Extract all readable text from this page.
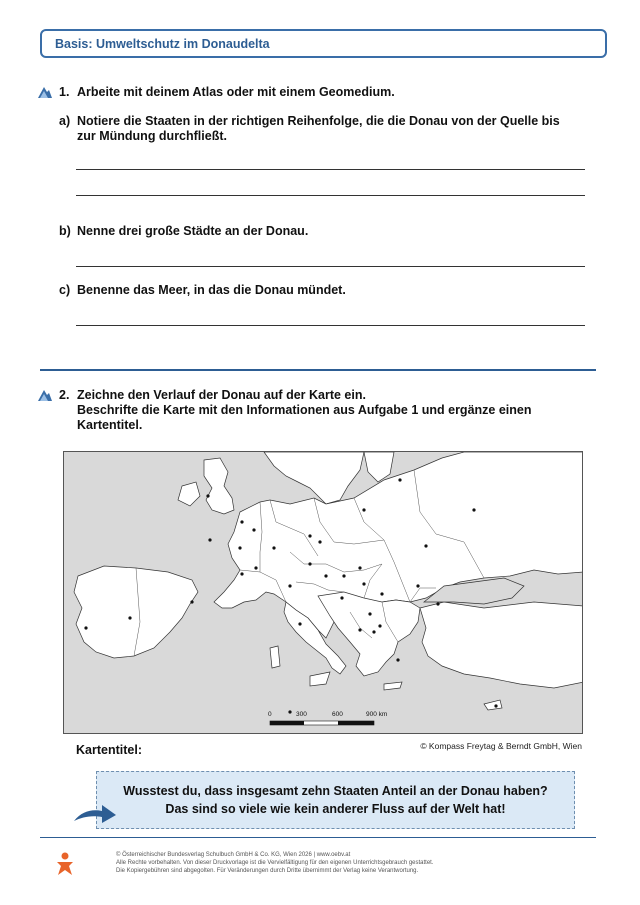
Basis: Umweltschutz im Donaudelta
1. Arbeite mit deinem Atlas oder mit einem Geomedium.
a) Notiere die Staaten in der richtigen Reihenfolge, die die Donau von der Quelle bis
zur Mündung durchfließt.
b) Nenne drei große Städte an der Donau.
c) Benenne das Meer, in das die Donau mündet.
2. Zeichne den Verlauf der Donau auf der Karte ein.
Beschrifte die Karte mit den Informationen aus Aufgabe 1 und ergänze einen
Kartentitel.
0	300	600	900 km
Kartentitel:	© Kompass Freytag & Berndt GmbH, Wien
Wusstest du, dass insgesamt zehn Staaten Anteil an der Donau haben?
Das sind so viele wie kein anderer Fluss auf der Welt hat!
© Österreichischer Bundesverlag Schulbuch GmbH & Co. KG, Wien 2026 | www.oebv.at
Alle Rechte vorbehalten. Von dieser Druckvorlage ist die Vervielfältigung für den eigenen Unterrichtsgebrauch gestattet.
Die Kopiergebühren sind abgegolten. Für Veränderungen durch Dritte übernimmt der Verlag keine Verantwortung.
